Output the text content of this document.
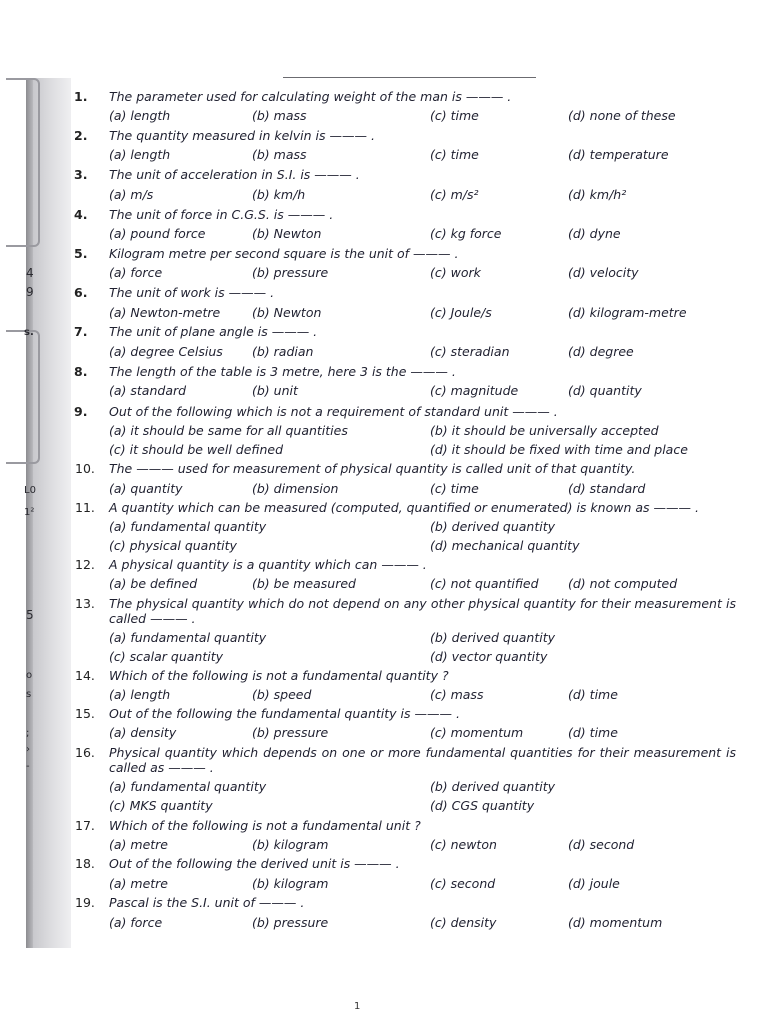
4
9
s.
L0
1²
5
o
s
;
›
-
1. The parameter used for calculating weight of the man is ——— .
(a) length	(b) mass	(c) time	(d) none of these
2. The quantity measured in kelvin is ——— .
(a) length	(b) mass	(c) time	(d) temperature
3. The unit of acceleration in S.I. is ——— .
(a) m/s	(b) km/h	(c) m/s²	(d) km/h²
4. The unit of force in C.G.S. is ——— .
(a) pound force	(b) Newton	(c) kg force	(d) dyne
5. Kilogram metre per second square is the unit of ——— .
(a) force	(b) pressure	(c) work	(d) velocity
6. The unit of work is ——— .
(a) Newton-metre	(b) Newton	(c) Joule/s	(d) kilogram-metre
7. The unit of plane angle is ——— .
(a) degree Celsius (b) radian	(c) steradian	(d) degree
8. The length of the table is 3 metre, here 3 is the ——— .
(a) standard	(b) unit	(c) magnitude	(d) quantity
9. Out of the following which is not a requirement of standard unit ——— .
(a) it should be same for all quantities	(b) it should be universally accepted
(c) it should be well defined	(d) it should be fixed with time and place
10. The ——— used for measurement of physical quantity is called unit of that quantity.
(a) quantity	(b) dimension	(c) time	(d) standard
11. A quantity which can be measured (computed, quantified or enumerated) is known as ——— .
(a) fundamental quantity	(b) derived quantity
(c) physical quantity	(d) mechanical quantity
12. A physical quantity is a quantity which can ——— .
(a) be defined	(b) be measured	(c) not quantified (d) not computed
13. The physical quantity which do not depend on any other physical quantity for their measurement is called ——— .
(a) fundamental quantity	(b) derived quantity
(c) scalar quantity	(d) vector quantity
14. Which of the following is not a fundamental quantity ?
(a) length	(b) speed	(c) mass	(d) time
15. Out of the following the fundamental quantity is ——— .
(a) density	(b) pressure	(c) momentum	(d) time
16. Physical quantity which depends on one or more fundamental quantities for their measurement is called as ——— .
(a) fundamental quantity	(b) derived quantity
(c) MKS quantity	(d) CGS quantity
17. Which of the following is not a fundamental unit ?
(a) metre	(b) kilogram	(c) newton	(d) second
18. Out of the following the derived unit is ——— .
(a) metre	(b) kilogram	(c) second	(d) joule
19. Pascal is the S.I. unit of ——— .
(a) force	(b) pressure	(c) density	(d) momentum
1
